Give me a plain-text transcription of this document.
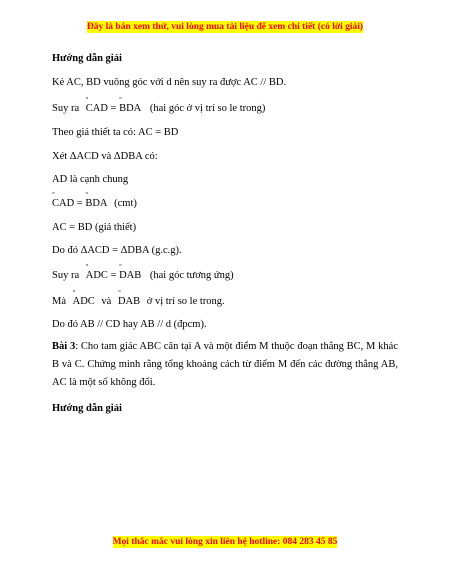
Đây là bản xem thử, vui lòng mua tài liệu để xem chi tiết (có lời giải)
Hướng dẫn giải
Kẻ AC, BD vuông góc với d nên suy ra được AC // BD.
Suy ra
▫
CAD =
▫
BDA (hai góc ở vị trí so le trong)
Theo giả thiết ta có: AC = BD
Xét ΔACD và ΔDBA có:
AD là cạnh chung
▫
CAD =
▫
BDA (cmt)
AC = BD (giả thiết)
Do đó ΔACD = ΔDBA (g.c.g).
Suy ra
▫
ADC =
▫
DAB (hai góc tương ứng)
Mà
▫
ADC và
▫
DAB ở vị trí so le trong.
Do đó AB // CD hay AB // d (đpcm).
Bài 3: Cho tam giác ABC cân tại A và một điểm M thuộc đoạn thẳng BC, M khác B và C. Chứng minh rằng tổng khoảng cách từ điểm M đến các đường thẳng AB, AC là một số không đổi.
Hướng dẫn giải
Mọi thắc mắc vui lòng xin liên hệ hotline: 084 283 45 85
